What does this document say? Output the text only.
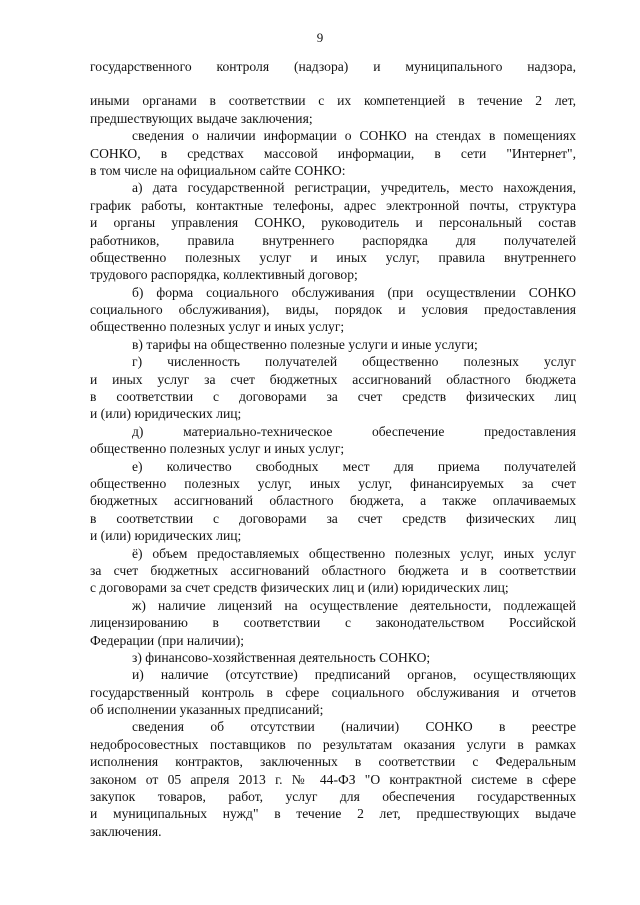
9
государственного контроля (надзора) и муниципального надзора,
иными органами в соответствии с их компетенцией в течение 2 лет,
предшествующих выдаче заключения;
сведения о наличии информации о СОНКО на стендах в помещениях
СОНКО, в средствах массовой информации, в сети "Интернет",
в том числе на официальном сайте СОНКО:
а) дата государственной регистрации, учредитель, место нахождения,
график работы, контактные телефоны, адрес электронной почты, структура
и органы управления СОНКО, руководитель и персональный состав
работников, правила внутреннего распорядка для получателей
общественно полезных услуг и иных услуг, правила внутреннего
трудового распорядка, коллективный договор;
б) форма социального обслуживания (при осуществлении СОНКО
социального обслуживания), виды, порядок и условия предоставления
общественно полезных услуг и иных услуг;
в) тарифы на общественно полезные услуги и иные услуги;
г) численность получателей общественно полезных услуг
и иных услуг за счет бюджетных ассигнований областного бюджета
в соответствии с договорами за счет средств физических лиц
и (или) юридических лиц;
д) материально-техническое обеспечение предоставления
общественно полезных услуг и иных услуг;
е) количество свободных мест для приема получателей
общественно полезных услуг, иных услуг, финансируемых за счет
бюджетных ассигнований областного бюджета, а также оплачиваемых
в соответствии с договорами за счет средств физических лиц
и (или) юридических лиц;
ё) объем предоставляемых общественно полезных услуг, иных услуг
за счет бюджетных ассигнований областного бюджета и в соответствии
с договорами за счет средств физических лиц и (или) юридических лиц;
ж) наличие лицензий на осуществление деятельности, подлежащей
лицензированию в соответствии с законодательством Российской
Федерации (при наличии);
з) финансово-хозяйственная деятельность СОНКО;
и) наличие (отсутствие) предписаний органов, осуществляющих
государственный контроль в сфере социального обслуживания и отчетов
об исполнении указанных предписаний;
сведения об отсутствии (наличии) СОНКО в реестре
недобросовестных поставщиков по результатам оказания услуги в рамках
исполнения контрактов, заключенных в соответствии с Федеральным
законом от 05 апреля 2013 г. № 44-ФЗ "О контрактной системе в сфере
закупок товаров, работ, услуг для обеспечения государственных
и муниципальных нужд" в течение 2 лет, предшествующих выдаче
заключения.
